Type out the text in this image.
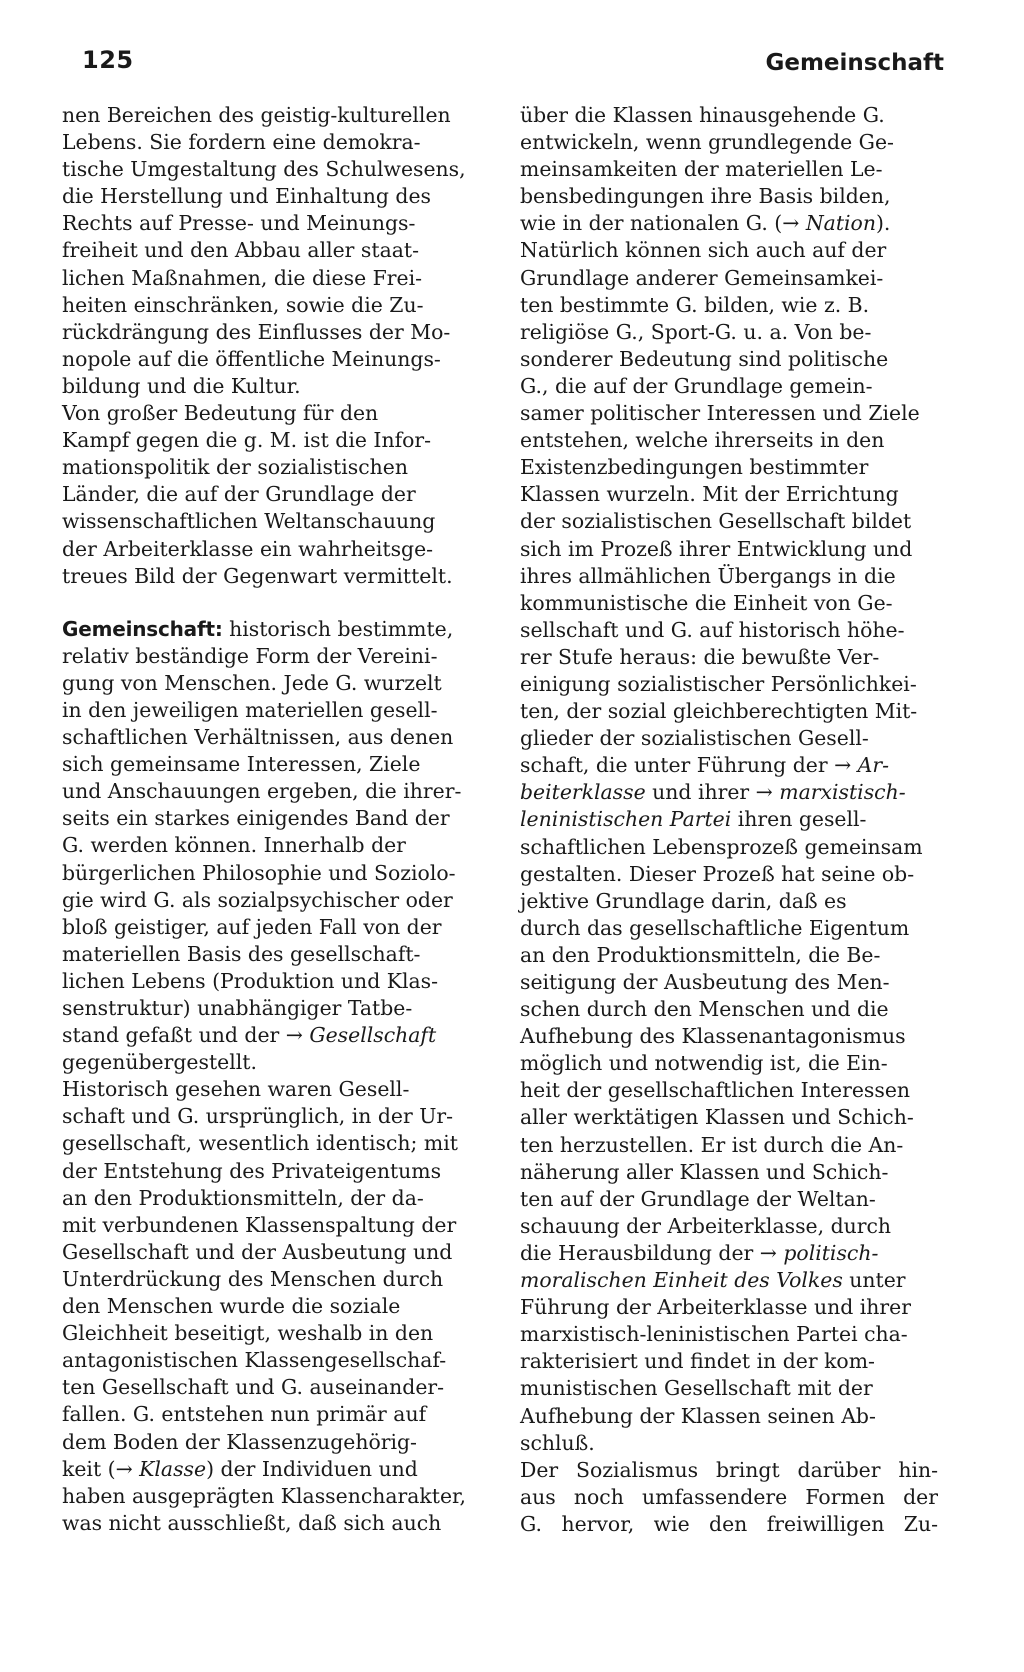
125	Gemeinschaft

nen Bereichen des geistig-kulturellen
Lebens. Sie fordern eine demokra-
tische Umgestaltung des Schulwesens,
die Herstellung und Einhaltung des
Rechts auf Presse- und Meinungs-
freiheit und den Abbau aller staat-
lichen Maßnahmen, die diese Frei-
heiten einschränken, sowie die Zu-
rückdrängung des Einflusses der Mo-
nopole auf die öffentliche Meinungs-
bildung und die Kultur.

Von großer Bedeutung für den
Kampf gegen die g. M. ist die Infor-
mationspolitik der sozialistischen
Länder, die auf der Grundlage der
wissenschaftlichen Weltanschauung
der Arbeiterklasse ein wahrheitsge-
treues Bild der Gegenwart vermittelt.

Gemeinschaft: historisch bestimmte,
relativ beständige Form der Vereini-
gung von Menschen. Jede G. wurzelt
in den jeweiligen materiellen gesell-
schaftlichen Verhältnissen, aus denen
sich gemeinsame Interessen, Ziele
und Anschauungen ergeben, die ihrer-
seits ein starkes einigendes Band der
G. werden können. Innerhalb der
bürgerlichen Philosophie und Soziolo-
gie wird G. als sozialpsychischer oder
bloß geistiger, auf jeden Fall von der
materiellen Basis des gesellschaft-
lichen Lebens (Produktion und Klas-
senstruktur) unabhängiger Tatbe-
stand gefaßt und der → Gesellschaft
gegenübergestellt.

Historisch gesehen waren Gesell-
schaft und G. ursprünglich, in der Ur-
gesellschaft, wesentlich identisch; mit
der Entstehung des Privateigentums
an den Produktionsmitteln, der da-
mit verbundenen Klassenspaltung der
Gesellschaft und der Ausbeutung und
Unterdrückung des Menschen durch
den Menschen wurde die soziale
Gleichheit beseitigt, weshalb in den
antagonistischen Klassengesellschaf-
ten Gesellschaft und G. auseinander-
fallen. G. entstehen nun primär auf
dem Boden der Klassenzugehörig-
keit (→ Klasse) der Individuen und
haben ausgeprägten Klassencharakter,
was nicht ausschließt, daß sich auch

über die Klassen hinausgehende G.
entwickeln, wenn grundlegende Ge-
meinsamkeiten der materiellen Le-
bensbedingungen ihre Basis bilden,
wie in der nationalen G. (→ Nation).
Natürlich können sich auch auf der
Grundlage anderer Gemeinsamkei-
ten bestimmte G. bilden, wie z. B.
religiöse G., Sport-G. u. a. Von be-
sonderer Bedeutung sind politische
G., die auf der Grundlage gemein-
samer politischer Interessen und Ziele
entstehen, welche ihrerseits in den
Existenzbedingungen bestimmter
Klassen wurzeln. Mit der Errichtung
der sozialistischen Gesellschaft bildet
sich im Prozeß ihrer Entwicklung und
ihres allmählichen Übergangs in die
kommunistische die Einheit von Ge-
sellschaft und G. auf historisch höhe-
rer Stufe heraus: die bewußte Ver-
einigung sozialistischer Persönlichkei-
ten, der sozial gleichberechtigten Mit-
glieder der sozialistischen Gesell-
schaft, die unter Führung der → Ar-
beiterklasse und ihrer → marxistisch-
leninistischen Partei ihren gesell-
schaftlichen Lebensprozeß gemeinsam
gestalten. Dieser Prozeß hat seine ob-
jektive Grundlage darin, daß es
durch das gesellschaftliche Eigentum
an den Produktionsmitteln, die Be-
seitigung der Ausbeutung des Men-
schen durch den Menschen und die
Aufhebung des Klassenantagonismus
möglich und notwendig ist, die Ein-
heit der gesellschaftlichen Interessen
aller werktätigen Klassen und Schich-
ten herzustellen. Er ist durch die An-
näherung aller Klassen und Schich-
ten auf der Grundlage der Weltan-
schauung der Arbeiterklasse, durch
die Herausbildung der → politisch-
moralischen Einheit des Volkes unter
Führung der Arbeiterklasse und ihrer
marxistisch-leninistischen Partei cha-
rakterisiert und findet in der kom-
munistischen Gesellschaft mit der
Aufhebung der Klassen seinen Ab-
schluß.

Der Sozialismus bringt darüber hin-
aus noch umfassendere Formen der
G. hervor, wie den freiwilligen Zu-
